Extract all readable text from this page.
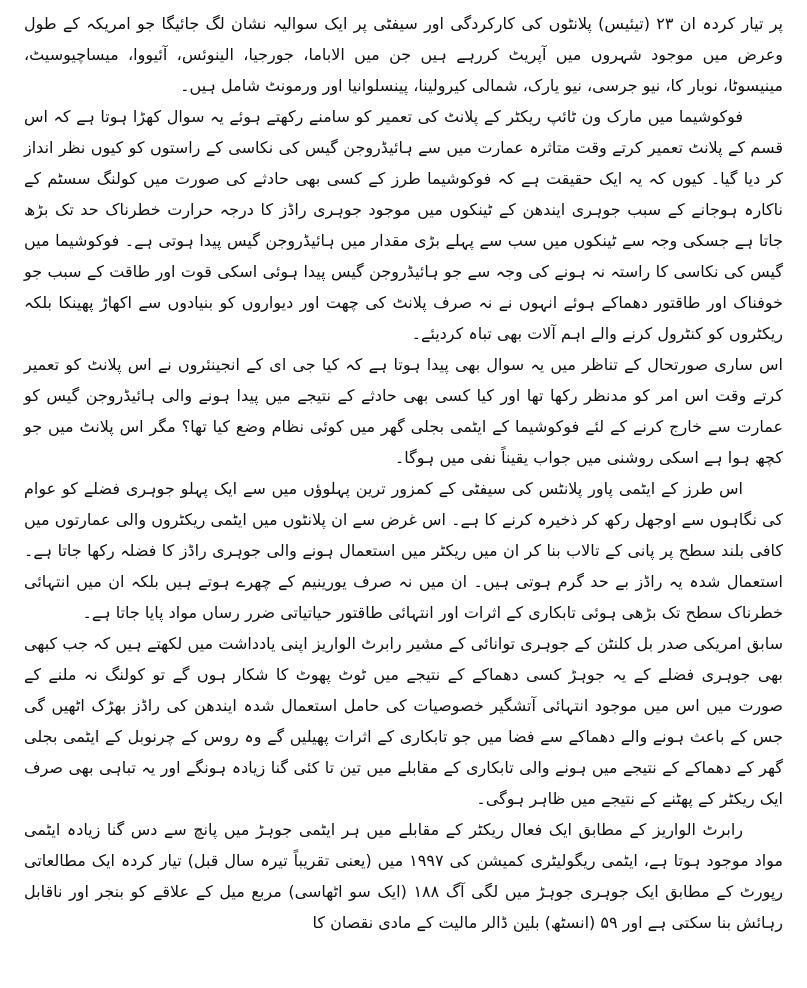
پر تیار کردہ ان ۲۳ (تیئیس) پلانٹوں کی کارکردگی اور سیفٹی پر ایک سوالیہ نشان لگ جائیگا جو امریکہ کے طول وعرض میں موجود شہروں میں آپریٹ کررہے ہیں جن میں الاباما، جورجیا، الینوئس، آئیووا، میساچیوسیٹ، مینیسوٹا، نوبار کا، نیو جرسی، نیو یارک، شمالی کیرولینا، پینسلوانیا اور ورمونٹ شامل ہیں۔

فوکوشیما میں مارک ون ٹائپ ریکٹر کے پلانٹ کی تعمیر کو سامنے رکھتے ہوئے یہ سوال کھڑا ہوتا ہے کہ اس قسم کے پلانٹ تعمیر کرتے وقت متاثرہ عمارت میں سے ہائیڈروجن گیس کی نکاسی کے راستوں کو کیوں نظر انداز کر دیا گیا۔ کیوں کہ یہ ایک حقیقت ہے کہ فوکوشیما طرز کے کسی بھی حادثے کی صورت میں کولنگ سسٹم کے ناکارہ ہوجانے کے سبب جوہری ایندھن کے ٹینکوں میں موجود جوہری راڈز کا درجہ حرارت خطرناک حد تک بڑھ جاتا ہے جسکی وجہ سے ٹینکوں میں سب سے پہلے بڑی مقدار میں ہائیڈروجن گیس پیدا ہوتی ہے۔ فوکوشیما میں گیس کی نکاسی کا راستہ نہ ہونے کی وجہ سے جو ہائیڈروجن گیس پیدا ہوئی اسکی قوت اور طاقت کے سبب جو خوفناک اور طاقتور دھماکے ہوئے انہوں نے نہ صرف پلانٹ کی چھت اور دیواروں کو بنیادوں سے اکھاڑ پھینکا بلکہ ریکٹروں کو کنٹرول کرنے والے اہم آلات بھی تباہ کردیئے۔

اس ساری صورتحال کے تناظر میں یہ سوال بھی پیدا ہوتا ہے کہ کیا جی ای کے انجینئروں نے اس پلانٹ کو تعمیر کرتے وقت اس امر کو مدنظر رکھا تھا اور کیا کسی بھی حادثے کے نتیجے میں پیدا ہونے والی ہائیڈروجن گیس کو عمارت سے خارج کرنے کے لئے فوکوشیما کے ایٹمی بجلی گھر میں کوئی نظام وضع کیا تھا؟ مگر اس پلانٹ میں جو کچھ ہوا ہے اسکی روشنی میں جواب یقیناً نفی میں ہوگا۔

اس طرز کے ایٹمی پاور پلانٹس کی سیفٹی کے کمزور ترین پہلوؤں میں سے ایک پہلو جوہری فضلے کو عوام کی نگاہوں سے اوجھل رکھ کر ذخیرہ کرنے کا ہے۔ اس غرض سے ان پلانٹوں میں ایٹمی ریکٹروں والی عمارتوں میں کافی بلند سطح پر پانی کے تالاب بنا کر ان میں ریکٹر میں استعمال ہونے والی جوہری راڈز کا فضلہ رکھا جاتا ہے۔ استعمال شدہ یہ راڈز بے حد گرم ہوتی ہیں۔ ان میں نہ صرف یورینیم کے چھرے ہوتے ہیں بلکہ ان میں انتہائی خطرناک سطح تک بڑھی ہوئی تابکاری کے اثرات اور انتہائی طاقتور حیاتیاتی ضرر رساں مواد پایا جاتا ہے۔

سابق امریکی صدر بل کلنٹن کے جوہری توانائی کے مشیر رابرٹ الواریز اپنی یادداشت میں لکھتے ہیں کہ جب کبھی بھی جوہری فضلے کے یہ جوہڑ کسی دھماکے کے نتیجے میں ٹوٹ پھوٹ کا شکار ہوں گے تو کولنگ نہ ملنے کے صورت میں اس میں موجود انتہائی آتشگیر خصوصیات کی حامل استعمال شدہ ایندھن کی راڈز بھڑک اٹھیں گی جس کے باعث ہونے والے دھماکے سے فضا میں جو تابکاری کے اثرات پھیلیں گے وہ روس کے چرنوبل کے ایٹمی بجلی گھر کے دھماکے کے نتیجے میں ہونے والی تابکاری کے مقابلے میں تین تا کئی گنا زیادہ ہونگے اور یہ تباہی بھی صرف ایک ریکٹر کے پھٹنے کے نتیجے میں ظاہر ہوگی۔

رابرٹ الواریز کے مطابق ایک فعال ریکٹر کے مقابلے میں ہر ایٹمی جوہڑ میں پانچ سے دس گنا زیادہ ایٹمی مواد موجود ہوتا ہے، ایٹمی ریگولیٹری کمیشن کی ۱۹۹۷ میں (یعنی تقریباً تیرہ سال قبل) تیار کردہ ایک مطالعاتی رپورٹ کے مطابق ایک جوہری جوہڑ میں لگی آگ ۱۸۸ (ایک سو اٹھاسی) مربع میل کے علاقے کو بنجر اور ناقابل رہائش بنا سکتی ہے اور ۵۹ (انسٹھ) بلین ڈالر مالیت کے مادی نقصان کا
